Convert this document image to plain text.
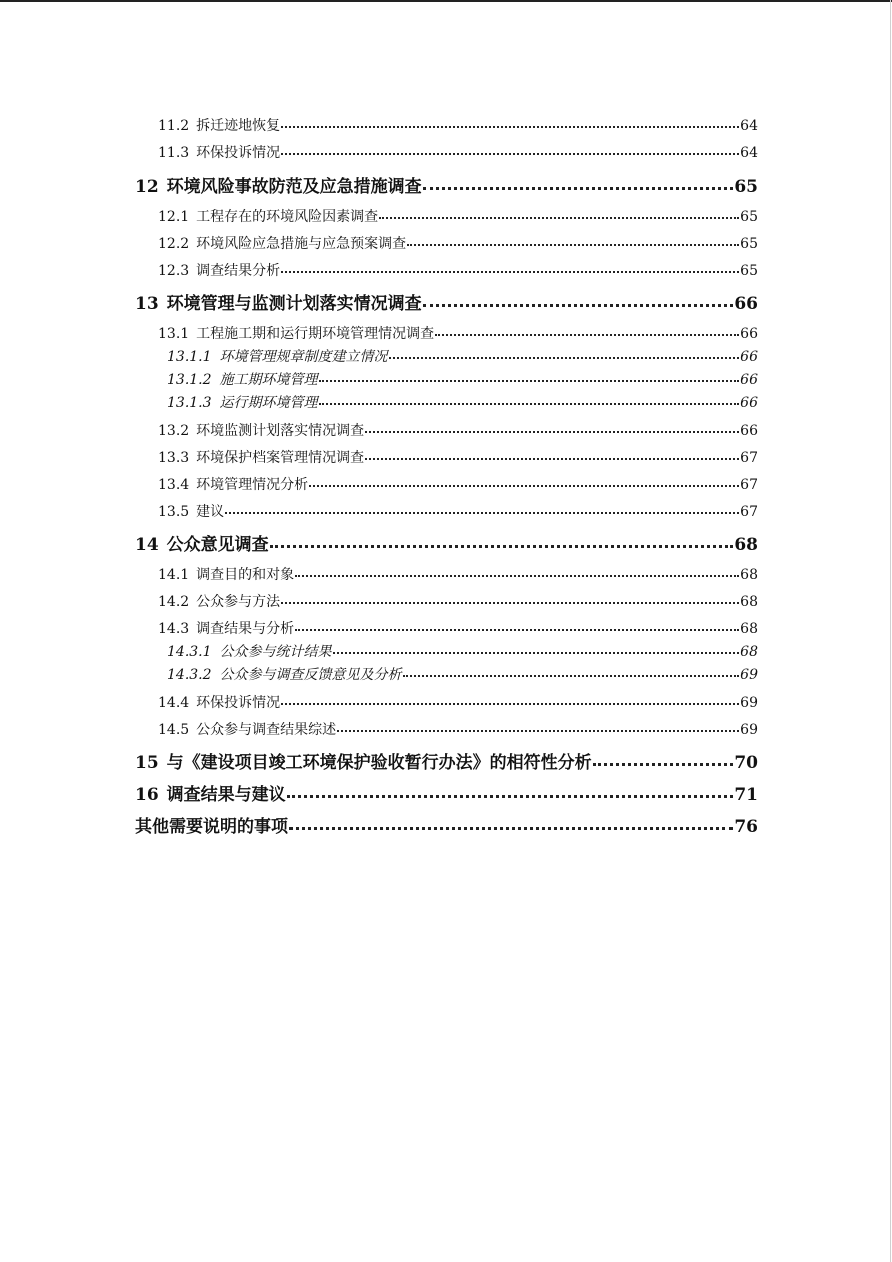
11.2 拆迁迹地恢复	64
11.3 环保投诉情况	64
12 环境风险事故防范及应急措施调查	65
12.1 工程存在的环境风险因素调查	65
12.2 环境风险应急措施与应急预案调查	65
12.3 调查结果分析	65
13 环境管理与监测计划落实情况调查	66
13.1 工程施工期和运行期环境管理情况调查	66
13.1.1 环境管理规章制度建立情况	66
13.1.2 施工期环境管理	66
13.1.3 运行期环境管理	66
13.2 环境监测计划落实情况调查	66
13.3 环境保护档案管理情况调查	67
13.4 环境管理情况分析	67
13.5 建议	67
14 公众意见调查	68
14.1 调查目的和对象	68
14.2 公众参与方法	68
14.3 调查结果与分析	68
14.3.1 公众参与统计结果	68
14.3.2 公众参与调查反馈意见及分析	69
14.4 环保投诉情况	69
14.5 公众参与调查结果综述	69
15 与《建设项目竣工环境保护验收暂行办法》的相符性分析	70
16 调查结果与建议	71
其他需要说明的事项	76
